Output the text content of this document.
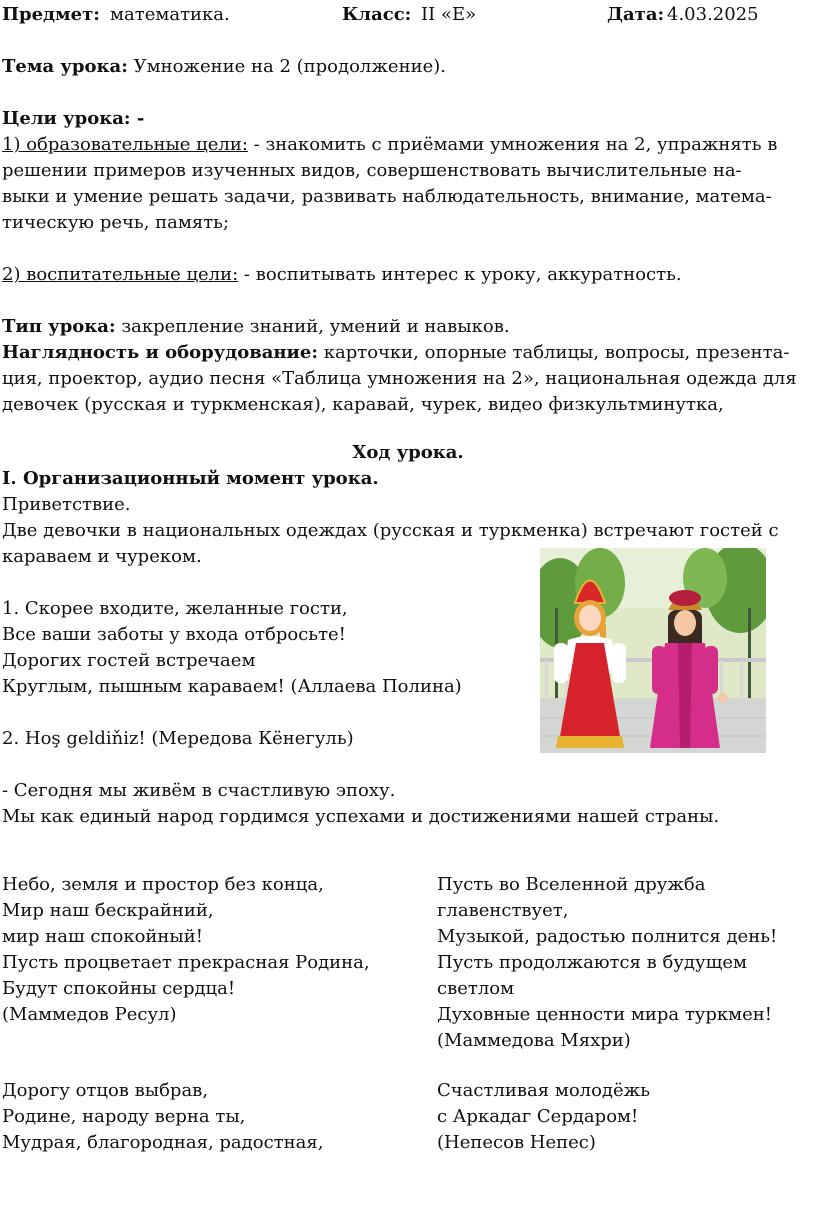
Предмет: математика.	Класс: II «Е»	Дата: 4.03.2025
Тема урока: Умножение на 2 (продолжение).
Цели урока: -
1) образовательные цели: - знакомить с приёмами умножения на 2, упражнять в
решении примеров изученных видов, совершенствовать вычислительные на-
выки и умение решать задачи, развивать наблюдательность, внимание, матема-
тическую речь, память;
2) воспитательные цели: - воспитывать интерес к уроку, аккуратность.
Тип урока: закрепление знаний, умений и навыков.
Наглядность и оборудование: карточки, опорные таблицы, вопросы, презента-
ция, проектор, аудио песня «Таблица умножения на 2», национальная одежда для
девочек (русская и туркменская), каравай, чурек, видео физкультминутка,
Ход урока.
I. Организационный момент урока.
Приветствие.
Две девочки в национальных одеждах (русская и туркменка) встречают гостей с
караваем и чуреком.
1. Скорее входите, желанные гости,
Все ваши заботы у входа отбросьте!
Дорогих гостей встречаем
Круглым, пышным караваем! (Аллаева Полина)
2. Hoş geldiňiz! (Мередова Кёнегуль)
- Сегодня мы живём в счастливую эпоху.
Мы как единый народ гордимся успехами и достижениями нашей страны.
Небо, земля и простор без конца,
Мир наш бескрайний,
мир наш спокойный!
Пусть процветает прекрасная Родина,
Будут спокойны сердца!
(Маммедов Ресул)
Пусть во Вселенной дружба
главенствует,
Музыкой, радостью полнится день!
Пусть продолжаются в будущем
светлом
Духовные ценности мира туркмен!
(Маммедова Мяхри)
Дорогу отцов выбрав,
Родине, народу верна ты,
Мудрая, благородная, радостная,
Счастливая молодёжь
с Аркадаг Сердаром!
(Непесов Непес)
